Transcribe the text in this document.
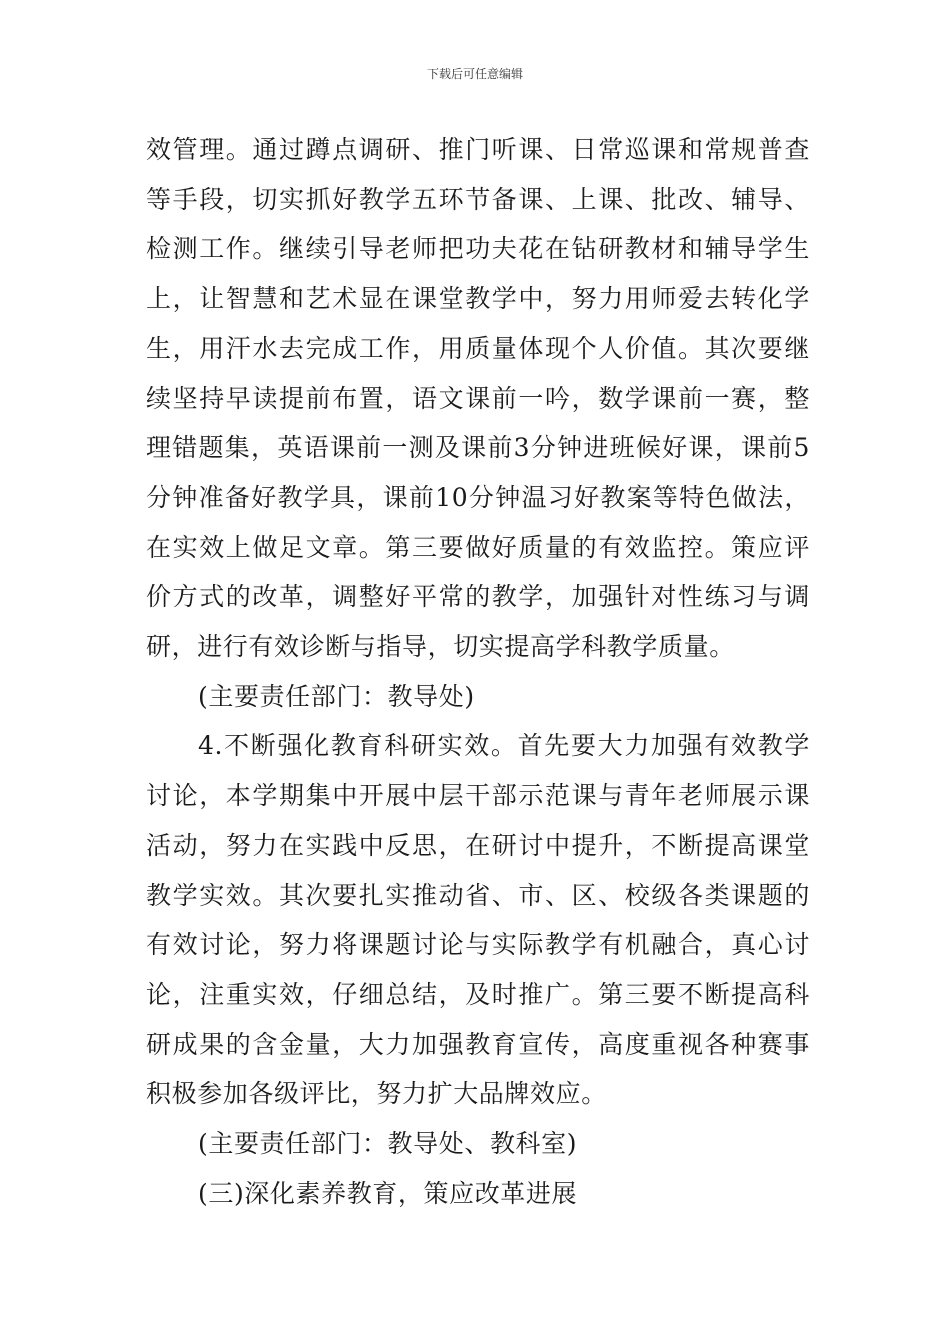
下载后可任意编辑

效管理。通过蹲点调研、推门听课、日常巡课和常规普查等手段，切实抓好教学五环节备课、上课、批改、辅导、检测工作。继续引导老师把功夫花在钻研教材和辅导学生上，让智慧和艺术显在课堂教学中，努力用师爱去转化学生，用汗水去完成工作，用质量体现个人价值。其次要继续坚持早读提前布置，语文课前一吟，数学课前一赛，整理错题集，英语课前一测及课前3分钟进班候好课，课前5分钟准备好教学具，课前10分钟温习好教案等特色做法，在实效上做足文章。第三要做好质量的有效监控。策应评价方式的改革，调整好平常的教学，加强针对性练习与调研，进行有效诊断与指导，切实提高学科教学质量。

(主要责任部门：教导处)

4.不断强化教育科研实效。首先要大力加强有效教学讨论，本学期集中开展中层干部示范课与青年老师展示课活动，努力在实践中反思，在研讨中提升，不断提高课堂教学实效。其次要扎实推动省、市、区、校级各类课题的有效讨论，努力将课题讨论与实际教学有机融合，真心讨论，注重实效，仔细总结，及时推广。第三要不断提高科研成果的含金量，大力加强教育宣传，高度重视各种赛事积极参加各级评比，努力扩大品牌效应。

(主要责任部门：教导处、教科室)

(三)深化素养教育，策应改革进展
